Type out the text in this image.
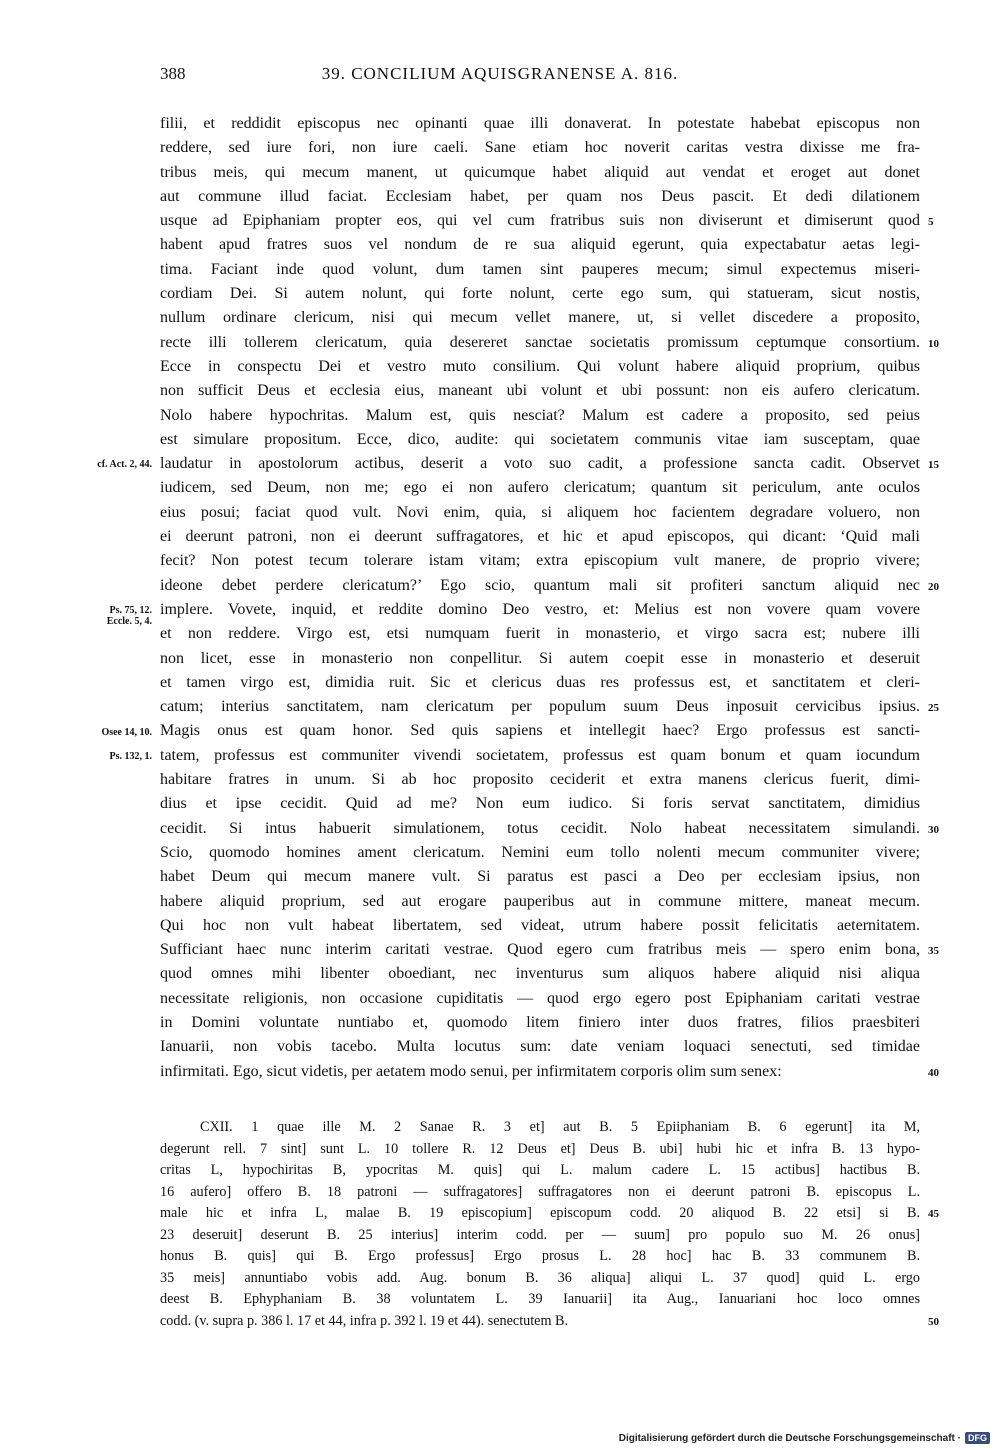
388	39. CONCILIUM AQUISGRANENSE A. 816.
filii, et reddidit episcopus nec opinanti quae illi donaverat. In potestate habebat episcopus non
reddere, sed iure fori, non iure caeli. Sane etiam hoc noverit caritas vestra dixisse me fra-
tribus meis, qui mecum manent, ut quicumque habet aliquid aut vendat et eroget aut donet
aut commune illud faciat. Ecclesiam habet, per quam nos Deus pascit. Et dedi dilationem
usque ad Epiphaniam propter eos, qui vel cum fratribus suis non diviserunt et dimiserunt quod
habent apud fratres suos vel nondum de re sua aliquid egerunt, quia expectabatur aetas legi-
tima. Faciant inde quod volunt, dum tamen sint pauperes mecum; simul expectemus miseri-
cordiam Dei. Si autem nolunt, qui forte nolunt, certe ego sum, qui statueram, sicut nostis,
nullum ordinare clericum, nisi qui mecum vellet manere, ut, si vellet discedere a proposito,
recte illi tollerem clericatum, quia desereret sanctae societatis promissum ceptumque consortium.
Ecce in conspectu Dei et vestro muto consilium. Qui volunt habere aliquid proprium, quibus
non sufficit Deus et ecclesia eius, maneant ubi volunt et ubi possunt: non eis aufero clericatum.
Nolo habere hypochritas. Malum est, quis nesciat? Malum est cadere a proposito, sed peius
est simulare propositum. Ecce, dico, audite: qui societatem communis vitae iam susceptam, quae
laudatur in apostolorum actibus, deserit a voto suo cadit, a professione sancta cadit. Observet
iudicem, sed Deum, non me; ego ei non aufero clericatum; quantum sit periculum, ante oculos
eius posui; faciat quod vult. Novi enim, quia, si aliquem hoc facientem degradare voluero, non
ei deerunt patroni, non ei deerunt suffragatores, et hic et apud episcopos, qui dicant: ‘Quid mali
fecit? Non potest tecum tolerare istam vitam; extra episcopium vult manere, de proprio vivere;
ideone debet perdere clericatum?’ Ego scio, quantum mali sit profiteri sanctum aliquid nec
implere. Vovete, inquid, et reddite domino Deo vestro, et: Melius est non vovere quam vovere
et non reddere. Virgo est, etsi numquam fuerit in monasterio, et virgo sacra est; nubere illi
non licet, esse in monasterio non conpellitur. Si autem coepit esse in monasterio et deseruit
et tamen virgo est, dimidia ruit. Sic et clericus duas res professus est, et sanctitatem et cleri-
catum; interius sanctitatem, nam clericatum per populum suum Deus inposuit cervicibus ipsius.
Magis onus est quam honor. Sed quis sapiens et intellegit haec? Ergo professus est sancti-
tatem, professus est communiter vivendi societatem, professus est quam bonum et quam iocundum
habitare fratres in unum. Si ab hoc proposito ceciderit et extra manens clericus fuerit, dimi-
dius et ipse cecidit. Quid ad me? Non eum iudico. Si foris servat sanctitatem, dimidius
cecidit. Si intus habuerit simulationem, totus cecidit. Nolo habeat necessitatem simulandi.
Scio, quomodo homines ament clericatum. Nemini eum tollo nolenti mecum communiter vivere;
habet Deum qui mecum manere vult. Si paratus est pasci a Deo per ecclesiam ipsius, non
habere aliquid proprium, sed aut erogare pauperibus aut in commune mittere, maneat mecum.
Qui hoc non vult habeat libertatem, sed videat, utrum habere possit felicitatis aeternitatem.
Sufficiant haec nunc interim caritati vestrae. Quod egero cum fratribus meis — spero enim bona,
quod omnes mihi libenter oboediant, nec inventurus sum aliquos habere aliquid nisi aliqua
necessitate religionis, non occasione cupiditatis — quod ergo egero post Epiphaniam caritati vestrae
in Domini voluntate nuntiabo et, quomodo litem finiero inter duos fratres, filios praesbiteri
Ianuarii, non vobis tacebo. Multa locutus sum: date veniam loquaci senectuti, sed timidae
infirmitati. Ego, sicut videtis, per aetatem modo senui, per infirmitatem corporis olim sum senex:
5
10
15
20
25
30
35
40
cf. Act. 2, 44.
Ps. 75, 12.
Eccle. 5, 4.
Osee 14, 10.
Ps. 132, 1.
CXII. 1 quae ille M. 2 Sanae R. 3 et] aut B. 5 Epiiphaniam B. 6 egerunt] ita M,
degerunt rell. 7 sint] sunt L. 10 tollere R. 12 Deus et] Deus B. ubi] hubi hic et infra B. 13 hypo-
critas L, hypochiritas B, ypocritas M. quis] qui L. malum cadere L. 15 actibus] hactibus B.
16 aufero] offero B. 18 patroni — suffragatores] suffragatores non ei deerunt patroni B. episcopus L.
male hic et infra L, malae B. 19 episcopium] episcopum codd. 20 aliquod B. 22 etsi] si B.
23 deseruit] deserunt B. 25 interius] interim codd. per — suum] pro populo suo M. 26 onus]
honus B. quis] qui B. Ergo professus] Ergo prosus L. 28 hoc] hac B. 33 communem B.
35 meis] annuntiabo vobis add. Aug. bonum B. 36 aliqua] aliqui L. 37 quod] quid L. ergo
deest B. Ephyphaniam B. 38 voluntatem L. 39 Ianuarii] ita Aug., Ianuariani hoc loco omnes
codd. (v. supra p. 386 l. 17 et 44, infra p. 392 l. 19 et 44). senectutem B.
45
50
Digitalisierung gefördert durch die Deutsche Forschungsgemeinschaft · DFG
